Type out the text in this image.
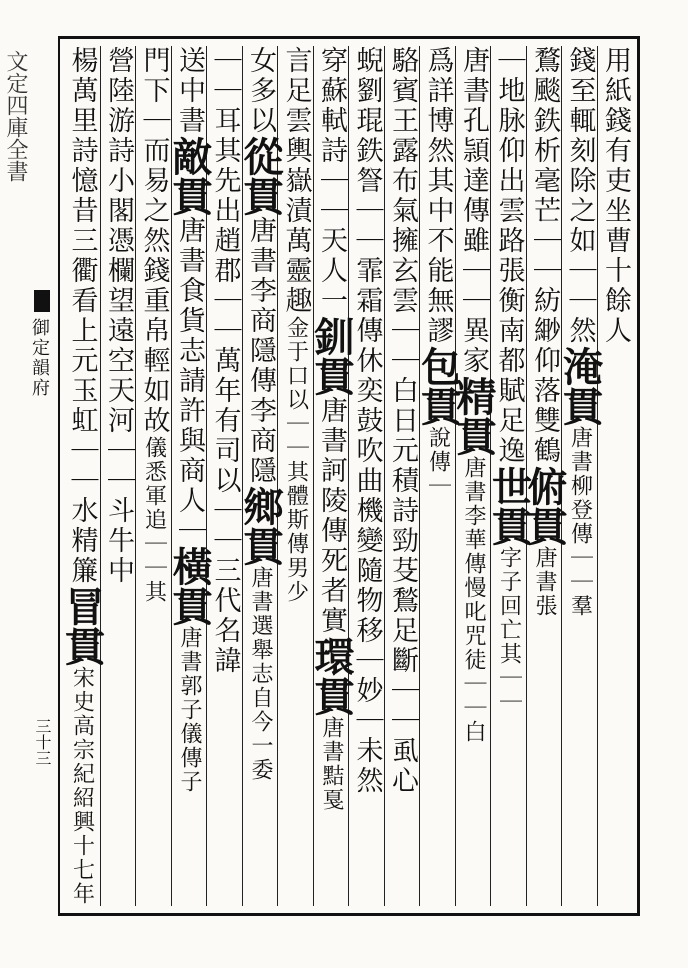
文定四庫全書
御定韻府
三十三
用紙錢有吏坐曹十餘人
錢至輒刻除之如｜｜然淹貫唐書柳登傳｜｜羣
鶩颷鉄析毫芒｜｜紡緲仰落雙鶴俯貫唐書張
｜地脉仰出雲路張衡南都賦足逸世貫字子回亡其｜｜
唐書孔頴達傳雖｜｜異家精貫唐書李華傳慢叱咒徒｜｜白
爲詳博然其中不能無謬包貫說傳｜
駱賓王露布氣擁玄雲｜｜白日元積詩勁芟鶖足斷｜｜虱心
蜺劉琨鉄詧｜｜霏霜傳休奕鼓吹曲機變隨物移｜妙｜未然
穿蘇軾詩｜｜天人一釧貫唐書訶陵傳死者實環貫唐書黠戛
言足雲輿嶽漬萬靈趣金于口以｜｜其體斯傳男少
女多以從貫唐書李商隱傳李商隱鄉貫唐書選舉志自今一委
｜｜耳其先出趙郡｜｜萬年有司以｜｜三代名諱
送中書敵貫唐書食貨志請許與商人｜橫貫唐書郭子儀傳子
門下｜而易之然錢重帛輕如故儀悉軍追｜｜其
營陸游詩小閣憑欄望遠空天河｜｜斗牛中
楊萬里詩憶昔三衢看上元玉虹｜｜水精簾冒貫宋史高宗紀紹興十七年
